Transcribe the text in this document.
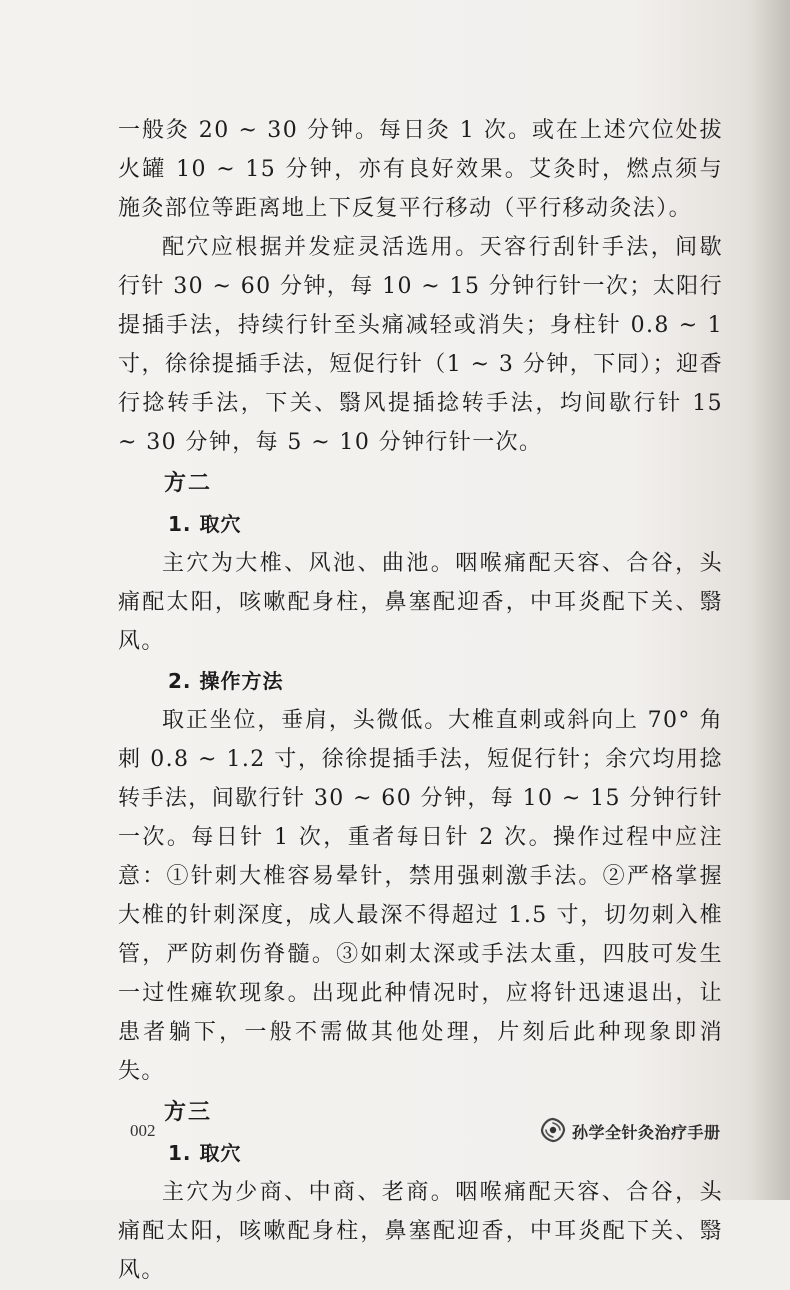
一般灸 20 ~ 30 分钟。每日灸 1 次。或在上述穴位处拔火罐 10 ~ 15 分钟，亦有良好效果。艾灸时，燃点须与施灸部位等距离地上下反复平行移动（平行移动灸法）。

配穴应根据并发症灵活选用。天容行刮针手法，间歇行针 30 ~ 60 分钟，每 10 ~ 15 分钟行针一次；太阳行提插手法，持续行针至头痛减轻或消失；身柱针 0.8 ~ 1 寸，徐徐提插手法，短促行针（1 ~ 3 分钟，下同）；迎香行捻转手法，下关、翳风提插捻转手法，均间歇行针 15 ~ 30 分钟，每 5 ~ 10 分钟行针一次。

方二
1. 取穴

主穴为大椎、风池、曲池。咽喉痛配天容、合谷，头痛配太阳，咳嗽配身柱，鼻塞配迎香，中耳炎配下关、翳风。

2. 操作方法

取正坐位，垂肩，头微低。大椎直刺或斜向上 70° 角刺 0.8 ~ 1.2 寸，徐徐提插手法，短促行针；余穴均用捻转手法，间歇行针 30 ~ 60 分钟，每 10 ~ 15 分钟行针一次。每日针 1 次，重者每日针 2 次。操作过程中应注意：①针刺大椎容易晕针，禁用强刺激手法。②严格掌握大椎的针刺深度，成人最深不得超过 1.5 寸，切勿刺入椎管，严防刺伤脊髓。③如刺太深或手法太重，四肢可发生一过性瘫软现象。出现此种情况时，应将针迅速退出，让患者躺下，一般不需做其他处理，片刻后此种现象即消失。

方三
1. 取穴

主穴为少商、中商、老商。咽喉痛配天容、合谷，头痛配太阳，咳嗽配身柱，鼻塞配迎香，中耳炎配下关、翳风。

002	孙学全针灸治疗手册
